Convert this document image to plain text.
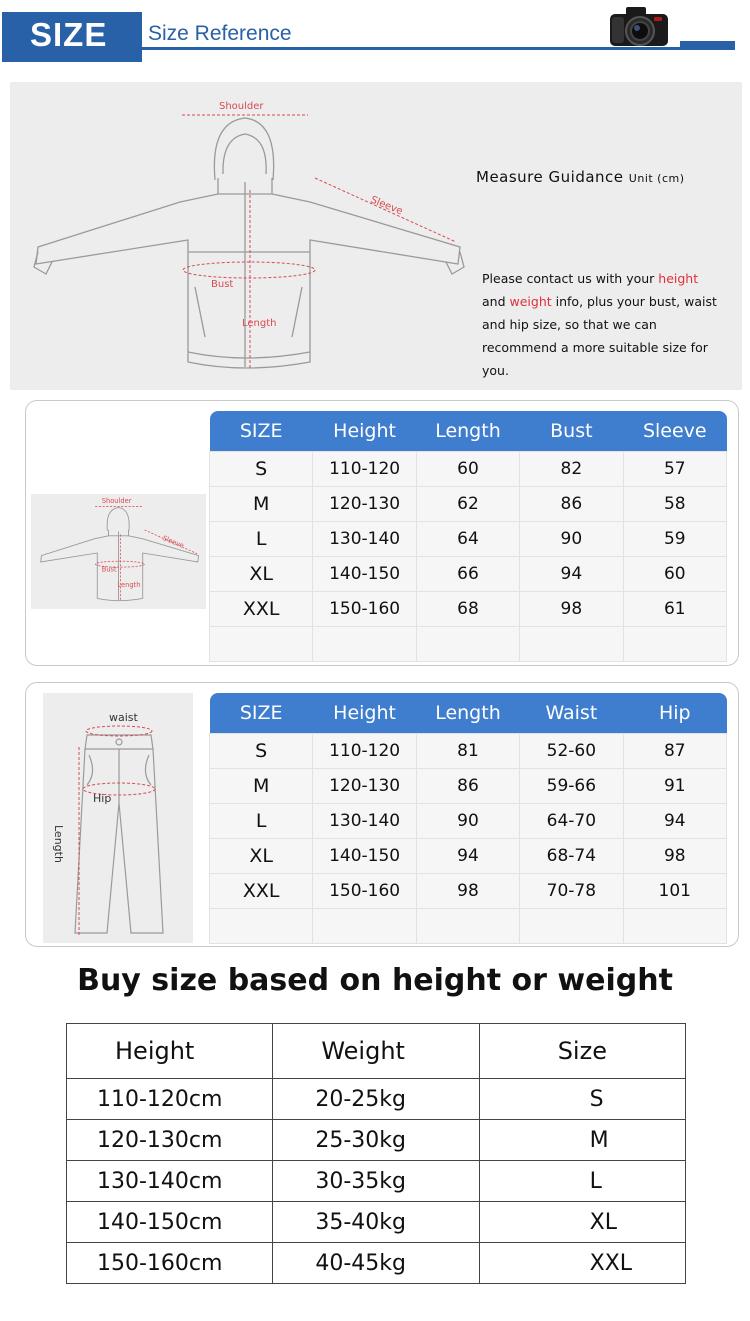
SIZE Size Reference
Shoulder
Sleeve
Bust
Length
Measure Guidance Unit (cm)
Please contact us with your height
and weight info, plus your bust, waist and hip size, so that we can recommend a more suitable size for you.
Shoulder
Sleeve
Bust
Length
SIZE	Height	Length	Bust	Sleeve
S	110-120	60	82	57
M	120-130	62	86	58
L	130-140	64	90	59
XL	140-150	66	94	60
XXL	150-160	68	98	61

waist
Hip
Length
SIZE	Height	Length	Waist	Hip
S	110-120	81	52-60	87
M	120-130	86	59-66	91
L	130-140	90	64-70	94
XL	140-150	94	68-74	98
XXL	150-160	98	70-78	101

Buy size based on height or weight
Height	Weight	Size
110-120cm	20-25kg	S
120-130cm	25-30kg	M
130-140cm	30-35kg	L
140-150cm	35-40kg	XL
150-160cm	40-45kg	XXL
